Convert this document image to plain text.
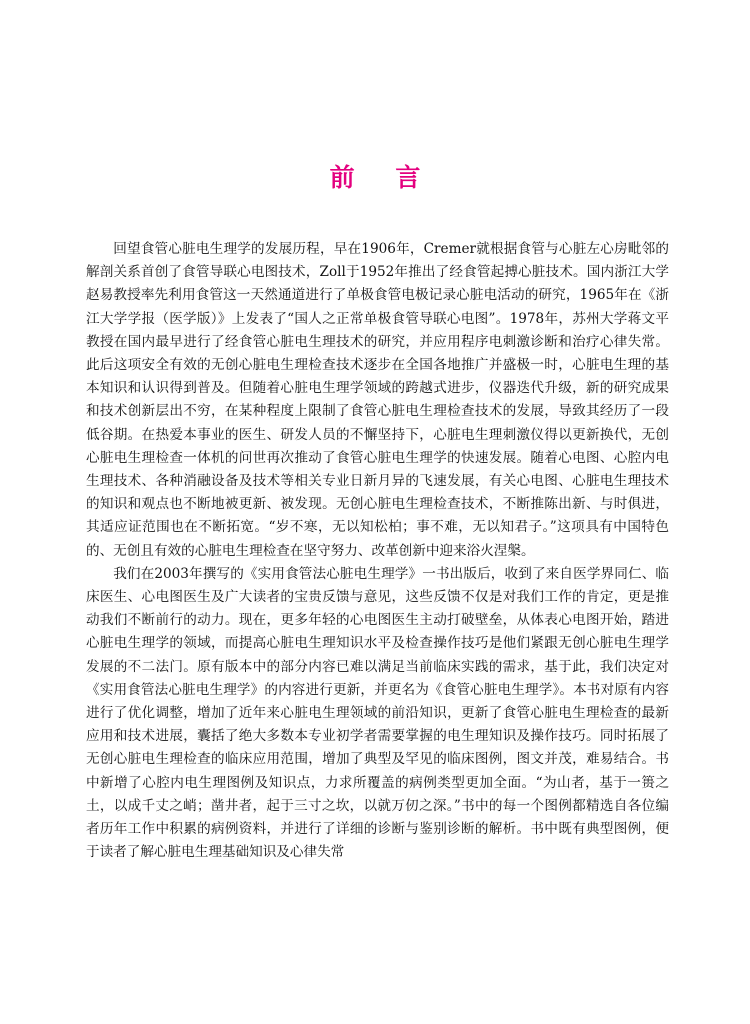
前 言

回望食管心脏电生理学的发展历程，早在1906年，Cremer就根据食管与心脏左心房毗邻的解剖关系首创了食管导联心电图技术，Zoll于1952年推出了经食管起搏心脏技术。国内浙江大学赵易教授率先利用食管这一天然通道进行了单极食管电极记录心脏电活动的研究，1965年在《浙江大学学报（医学版）》上发表了“国人之正常单极食管导联心电图”。1978年，苏州大学蒋文平教授在国内最早进行了经食管心脏电生理技术的研究，并应用程序电刺激诊断和治疗心律失常。此后这项安全有效的无创心脏电生理检查技术逐步在全国各地推广并盛极一时，心脏电生理的基本知识和认识得到普及。但随着心脏电生理学领域的跨越式进步，仪器迭代升级，新的研究成果和技术创新层出不穷，在某种程度上限制了食管心脏电生理检查技术的发展，导致其经历了一段低谷期。在热爱本事业的医生、研发人员的不懈坚持下，心脏电生理刺激仪得以更新换代，无创心脏电生理检查一体机的问世再次推动了食管心脏电生理学的快速发展。随着心电图、心腔内电生理技术、各种消融设备及技术等相关专业日新月异的飞速发展，有关心电图、心脏电生理技术的知识和观点也不断地被更新、被发现。无创心脏电生理检查技术，不断推陈出新、与时俱进，其适应证范围也在不断拓宽。“岁不寒，无以知松柏；事不难，无以知君子。”这项具有中国特色的、无创且有效的心脏电生理检查在坚守努力、改革创新中迎来浴火涅槃。

我们在2003年撰写的《实用食管法心脏电生理学》一书出版后，收到了来自医学界同仁、临床医生、心电图医生及广大读者的宝贵反馈与意见，这些反馈不仅是对我们工作的肯定，更是推动我们不断前行的动力。现在，更多年轻的心电图医生主动打破壁垒，从体表心电图开始，踏进心脏电生理学的领域，而提高心脏电生理知识水平及检查操作技巧是他们紧跟无创心脏电生理学发展的不二法门。原有版本中的部分内容已难以满足当前临床实践的需求，基于此，我们决定对《实用食管法心脏电生理学》的内容进行更新，并更名为《食管心脏电生理学》。本书对原有内容进行了优化调整，增加了近年来心脏电生理领域的前沿知识，更新了食管心脏电生理检查的最新应用和技术进展，囊括了绝大多数本专业初学者需要掌握的电生理知识及操作技巧。同时拓展了无创心脏电生理检查的临床应用范围，增加了典型及罕见的临床图例，图文并茂，难易结合。书中新增了心腔内电生理图例及知识点，力求所覆盖的病例类型更加全面。“为山者，基于一篑之土，以成千丈之峭；凿井者，起于三寸之坎，以就万仞之深。”书中的每一个图例都精选自各位编者历年工作中积累的病例资料，并进行了详细的诊断与鉴别诊断的解析。书中既有典型图例，便于读者了解心脏电生理基础知识及心律失常
